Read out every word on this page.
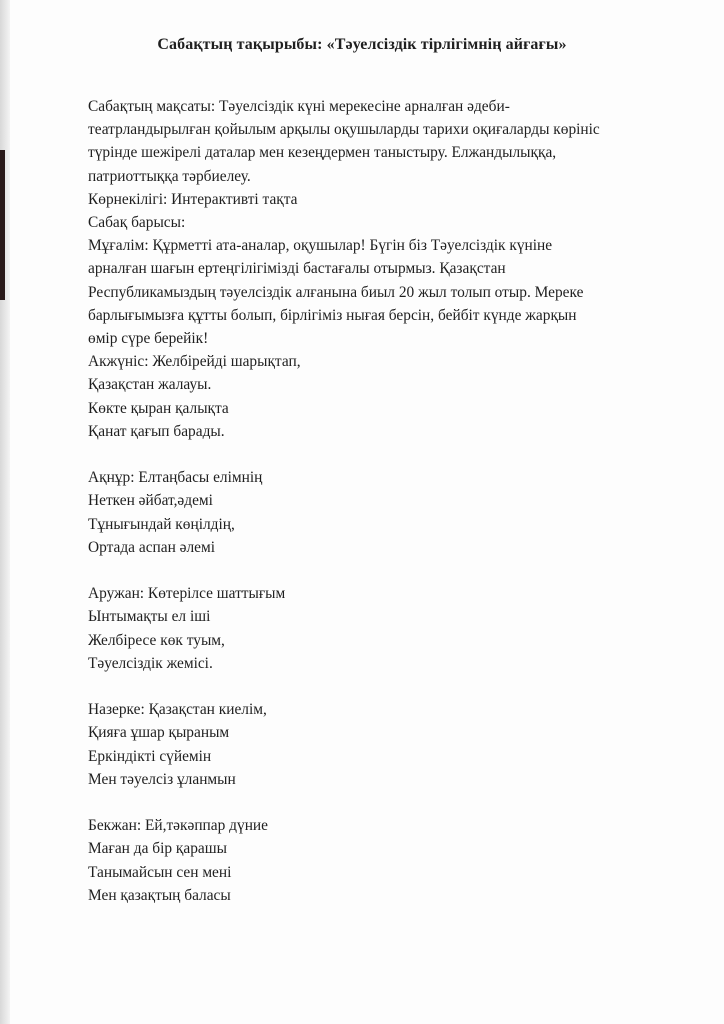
Сабақтың тақырыбы: «Тәуелсіздік тірлігімнің айғағы»
Сабақтың мақсаты: Тәуелсіздік күні мерекесіне арналған әдеби-
театрландырылған қойылым арқылы оқушыларды тарихи оқиғаларды көрініс
түрінде шежірелі даталар мен кезеңдермен таныстыру. Елжандылыққа,
патриоттыққа тәрбиелеу.
Көрнекілігі: Интерактивті тақта
Сабақ барысы:
Мұғалім: Құрметті ата-аналар, оқушылар! Бүгін біз Тәуелсіздік күніне
арналған шағын ертеңгілігімізді бастағалы отырмыз. Қазақстан
Республикамыздың тәуелсіздік алғанына биыл 20 жыл толып отыр. Мереке
барлығымызға құтты болып, бірлігіміз нығая берсін, бейбіт күнде жарқын
өмір сүре берейік!
Акжүніс: Желбірейді шарықтап,
Қазақстан жалауы.
Көкте қыран қалықта
Қанат қағып барады.
Ақнұр: Елтаңбасы елімнің
Неткен әйбат,әдемі
Тұнығындай көңілдің,
Ортада аспан әлемі
Аружан: Көтерілсе шаттығым
Ынтымақты ел іші
Желбіресе көк туым,
Тәуелсіздік жемісі.
Назерке: Қазақстан киелім,
Қияға ұшар қыраным
Еркіндікті сүйемін
Мен тәуелсіз ұланмын
Бекжан: Ей,тәкәппар дүние
Маған да бір қарашы
Танымайсын сен мені
Мен қазақтың баласы
